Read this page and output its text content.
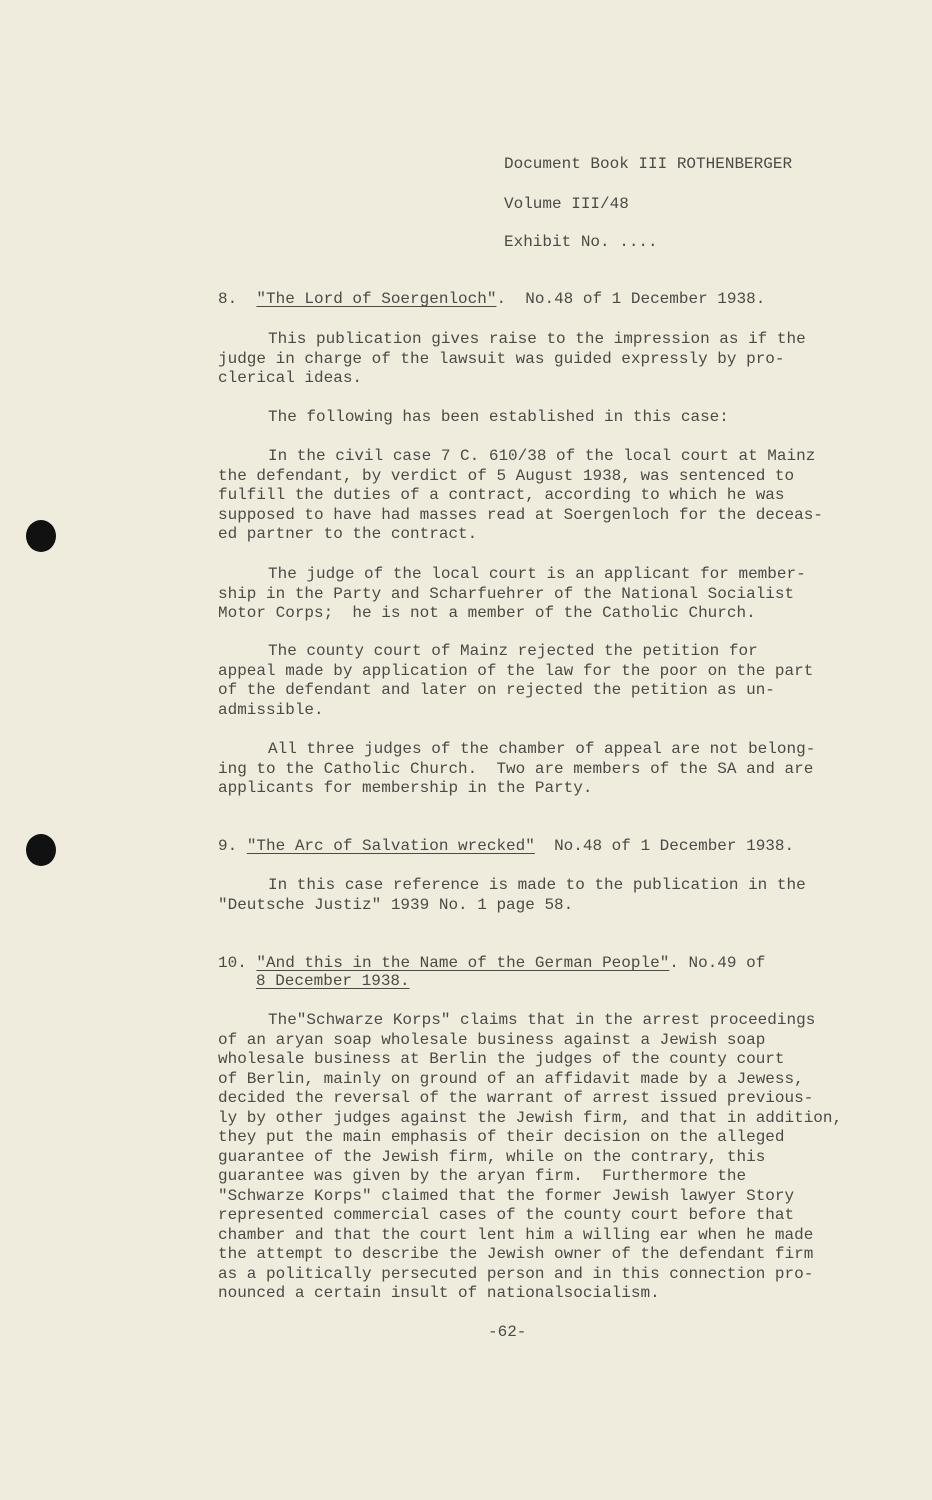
Document Book III ROTHENBERGER
Volume III/48
Exhibit No. ....
8. "The Lord of Soergenloch".  No.48 of 1 December 1938.
This publication gives raise to the impression as if the
judge in charge of the lawsuit was guided expressly by pro-
clerical ideas.
The following has been established in this case:
In the civil case 7 C. 610/38 of the local court at Mainz
the defendant, by verdict of 5 August 1938, was sentenced to
fulfill the duties of a contract, according to which he was
supposed to have had masses read at Soergenloch for the deceas-
ed partner to the contract.
The judge of the local court is an applicant for member-
ship in the Party and Scharfuehrer of the National Socialist
Motor Corps;  he is not a member of the Catholic Church.
The county court of Mainz rejected the petition for
appeal made by application of the law for the poor on the part
of the defendant and later on rejected the petition as un-
admissible.
All three judges of the chamber of appeal are not belong-
ing to the Catholic Church.  Two are members of the SA and are
applicants for membership in the Party.
9. "The Arc of Salvation wrecked"  No.48 of 1 December 1938.
In this case reference is made to the publication in the
"Deutsche Justiz" 1939 No. 1 page 58.
10. "And this in the Name of the German People". No.49 of
8 December 1938.
The"Schwarze Korps" claims that in the arrest proceedings
of an aryan soap wholesale business against a Jewish soap
wholesale business at Berlin the judges of the county court
of Berlin, mainly on ground of an affidavit made by a Jewess,
decided the reversal of the warrant of arrest issued previous-
ly by other judges against the Jewish firm, and that in addition,
they put the main emphasis of their decision on the alleged
guarantee of the Jewish firm, while on the contrary, this
guarantee was given by the aryan firm.  Furthermore the
"Schwarze Korps" claimed that the former Jewish lawyer Story
represented commercial cases of the county court before that
chamber and that the court lent him a willing ear when he made
the attempt to describe the Jewish owner of the defendant firm
as a politically persecuted person and in this connection pro-
nounced a certain insult of nationalsocialism.
-62-
